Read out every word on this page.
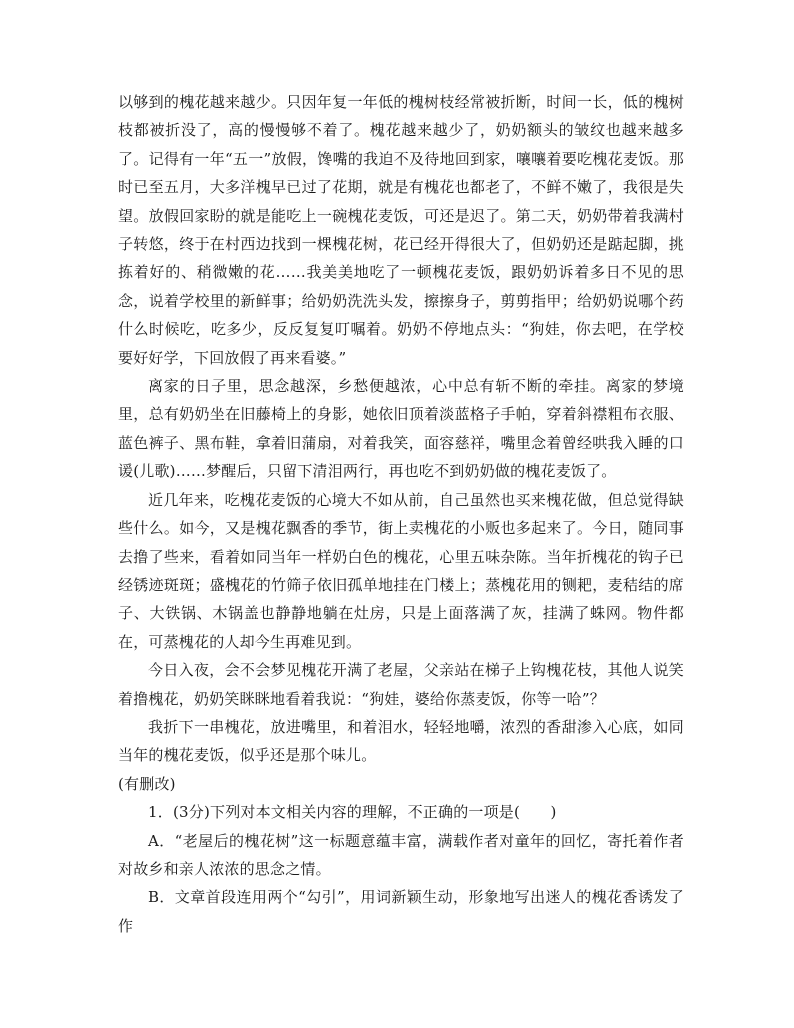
以够到的槐花越来越少。只因年复一年低的槐树枝经常被折断，时间一长，低的槐树枝都被折没了，高的慢慢够不着了。槐花越来越少了，奶奶额头的皱纹也越来越多了。记得有一年“五一”放假，馋嘴的我迫不及待地回到家，嚷嚷着要吃槐花麦饭。那时已至五月，大多洋槐早已过了花期，就是有槐花也都老了，不鲜不嫩了，我很是失望。放假回家盼的就是能吃上一碗槐花麦饭，可还是迟了。第二天，奶奶带着我满村子转悠，终于在村西边找到一棵槐花树，花已经开得很大了，但奶奶还是踮起脚，挑拣着好的、稍微嫩的花……我美美地吃了一顿槐花麦饭，跟奶奶诉着多日不见的思念，说着学校里的新鲜事；给奶奶洗洗头发，擦擦身子，剪剪指甲；给奶奶说哪个药什么时候吃，吃多少，反反复复叮嘱着。奶奶不停地点头：“狗娃，你去吧，在学校要好好学，下回放假了再来看婆。”

离家的日子里，思念越深，乡愁便越浓，心中总有斩不断的牵挂。离家的梦境里，总有奶奶坐在旧藤椅上的身影，她依旧顶着淡蓝格子手帕，穿着斜襟粗布衣服、蓝色裤子、黑布鞋，拿着旧蒲扇，对着我笑，面容慈祥，嘴里念着曾经哄我入睡的口谖(儿歌)……梦醒后，只留下清泪两行，再也吃不到奶奶做的槐花麦饭了。

近几年来，吃槐花麦饭的心境大不如从前，自己虽然也买来槐花做，但总觉得缺些什么。如今，又是槐花飘香的季节，街上卖槐花的小贩也多起来了。今日，随同事去撸了些来，看着如同当年一样奶白色的槐花，心里五味杂陈。当年折槐花的钩子已经锈迹斑斑；盛槐花的竹筛子依旧孤单地挂在门楼上；蒸槐花用的铡耙，麦秸结的席子、大铁锅、木锅盖也静静地躺在灶房，只是上面落满了灰，挂满了蛛网。物件都在，可蒸槐花的人却今生再难见到。

今日入夜，会不会梦见槐花开满了老屋，父亲站在梯子上钩槐花枝，其他人说笑着撸槐花，奶奶笑眯眯地看着我说：“狗娃，婆给你蒸麦饭，你等一哈”？

我折下一串槐花，放进嘴里，和着泪水，轻轻地嚼，浓烈的香甜渗入心底，如同当年的槐花麦饭，似乎还是那个味儿。

(有删改)

1．(3分)下列对本文相关内容的理解，不正确的一项是(　　)

A．“老屋后的槐花树”这一标题意蕴丰富，满载作者对童年的回忆，寄托着作者对故乡和亲人浓浓的思念之情。

B．文章首段连用两个“勾引”，用词新颖生动，形象地写出迷人的槐花香诱发了作
